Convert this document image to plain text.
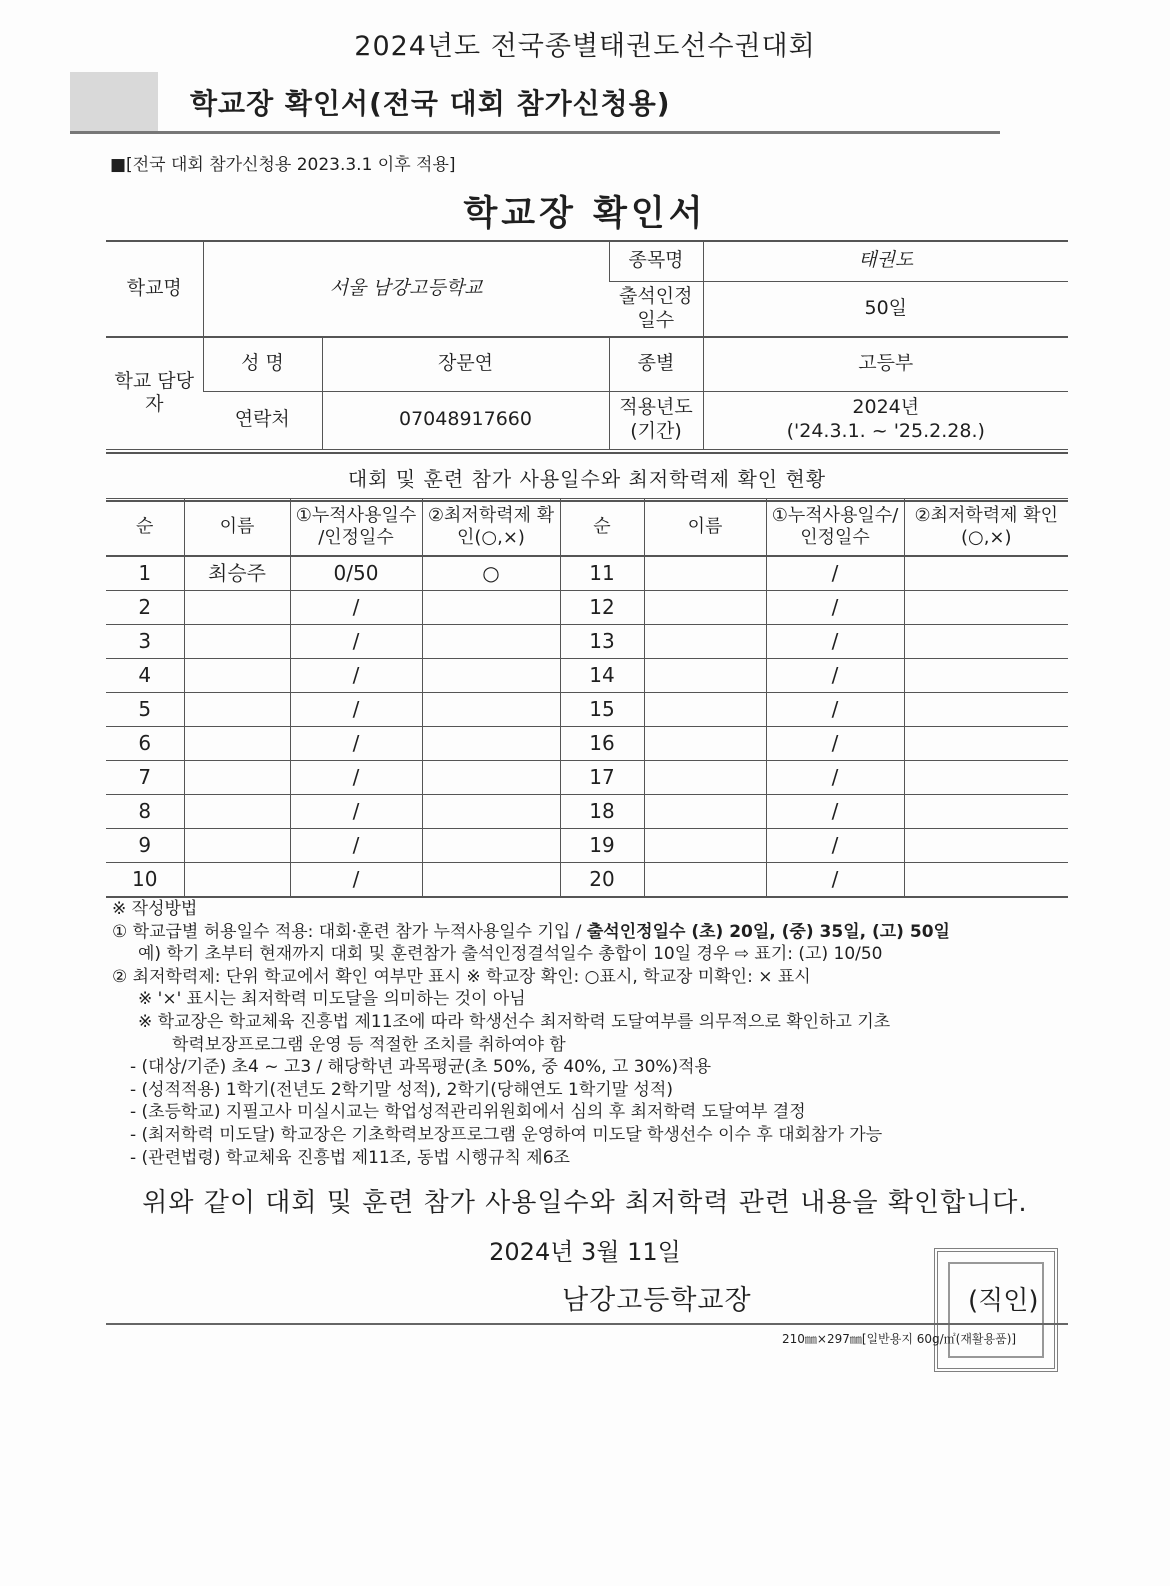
2024년도 전국종별태권도선수권대회
학교장 확인서(전국 대회 참가신청용)
■[전국 대회 참가신청용 2023.3.1 이후 적용]
학교장 확인서
학교명	서울 남강고등학교		종목명	태권도
			출석인정 일수	50일
학교 담당자	성 명	장문연	종별	고등부
	연락처	07048917660	적용년도 (기간)	2024년
('24.3.1. ~ '25.2.28.)
대회 및 훈련 참가 사용일수와 최저학력제 확인 현황
순	이름	①누적사용일수 /인정일수	②최저학력제 확인(○,×)	순	이름	①누적사용일수/ 인정일수	②최저학력제 확인(○,×)
1	최승주	0/50	○	11		/	
2		/		12		/	
3		/		13		/	
4		/		14		/	
5		/		15		/	
6		/		16		/	
7		/		17		/	
8		/		18		/	
9		/		19		/	
10		/		20		/	
※ 작성방법
① 학교급별 허용일수 적용: 대회·훈련 참가 누적사용일수 기입 / 출석인정일수 (초) 20일, (중) 35일, (고) 50일
예) 학기 초부터 현재까지 대회 및 훈련참가 출석인정결석일수 총합이 10일 경우 ⇨ 표기: (고) 10/50
② 최저학력제: 단위 학교에서 확인 여부만 표시 ※ 학교장 확인: ○표시, 학교장 미확인: × 표시
※ '×' 표시는 최저학력 미도달을 의미하는 것이 아님
※ 학교장은 학교체육 진흥법 제11조에 따라 학생선수 최저학력 도달여부를 의무적으로 확인하고 기초
학력보장프로그램 운영 등 적절한 조치를 취하여야 함
- (대상/기준) 초4 ~ 고3 / 해당학년 과목평균(초 50%, 중 40%, 고 30%)적용
- (성적적용) 1학기(전년도 2학기말 성적), 2학기(당해연도 1학기말 성적)
- (초등학교) 지필고사 미실시교는 학업성적관리위원회에서 심의 후 최저학력 도달여부 결정
- (최저학력 미도달) 학교장은 기초학력보장프로그램 운영하여 미도달 학생선수 이수 후 대회참가 가능
- (관련법령) 학교체육 진흥법 제11조, 동법 시행규칙 제6조
위와 같이 대회 및 훈련 참가 사용일수와 최저학력 관련 내용을 확인합니다.
2024년 3월 11일
남강고등학교장	(직인)
210㎜×297㎜[일반용지 60g/㎡(재활용품)]
